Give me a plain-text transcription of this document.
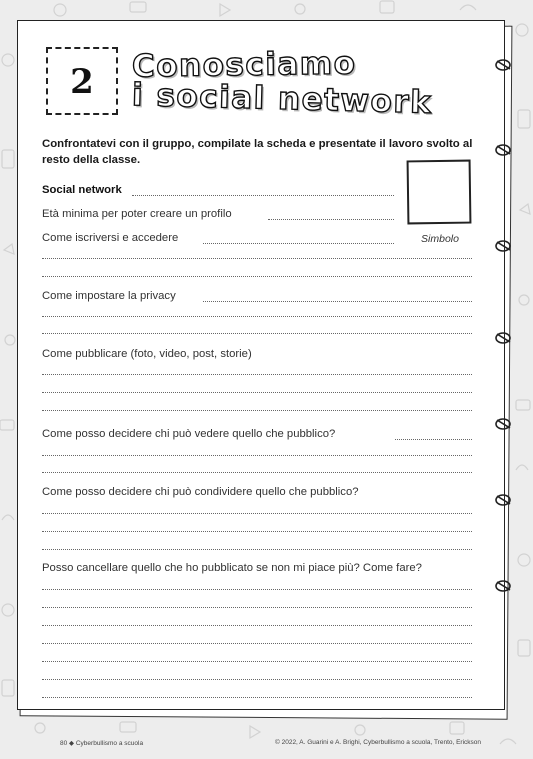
2	Conosciamo
i social network
Confrontatevi con il gruppo, compilate la scheda e presentate il lavoro svolto al resto della classe.
Social network
Età minima per poter creare un profilo
Come iscriversi e accedere	Simbolo
Come impostare la privacy
Come pubblicare (foto, video, post, storie)
Come posso decidere chi può vedere quello che pubblico?
Come posso decidere chi può condividere quello che pubblico?
Posso cancellare quello che ho pubblicato se non mi piace più? Come fare?
80 ◆ Cyberbullismo a scuola	© 2022, A. Guarini e A. Brighi, Cyberbullismo a scuola, Trento, Erickson
